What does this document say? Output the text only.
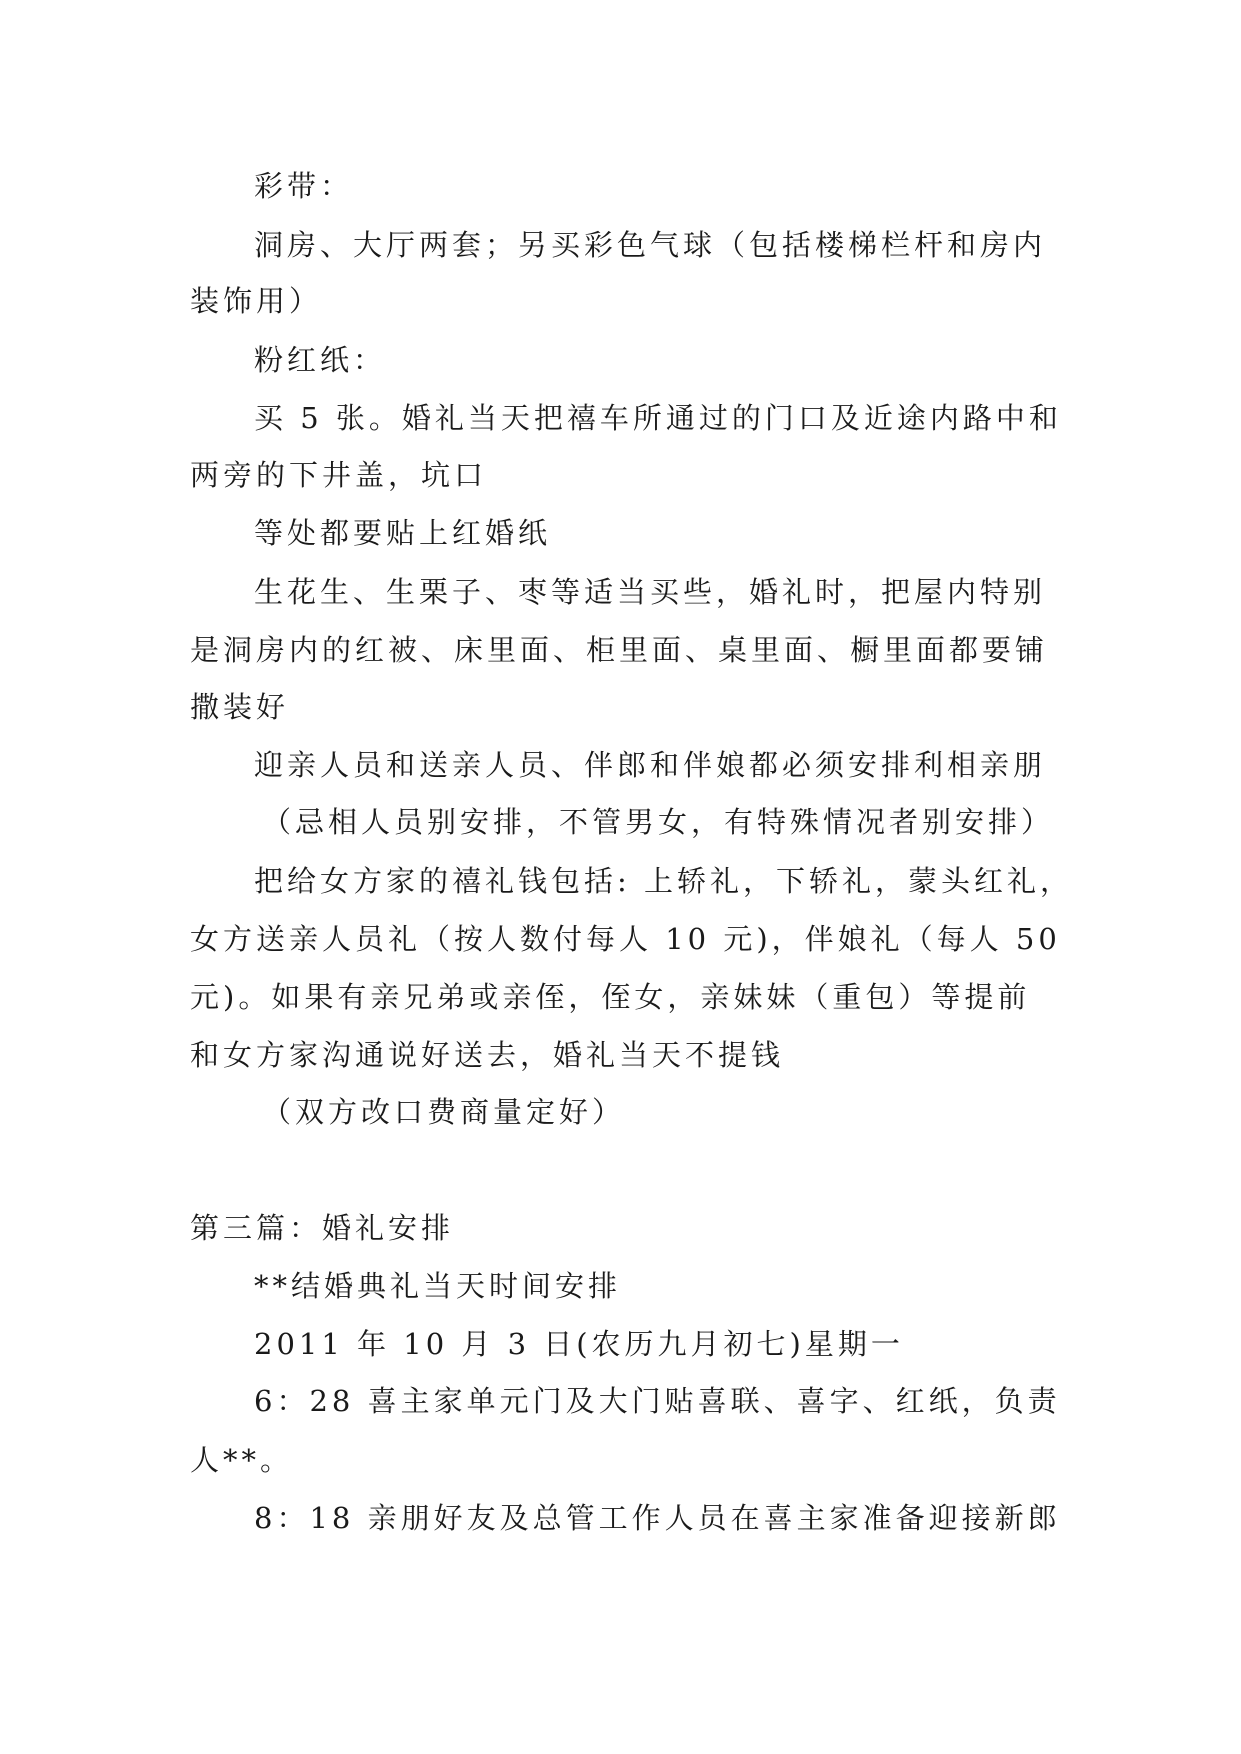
彩带：
洞房、大厅两套；另买彩色气球（包括楼梯栏杆和房内
装饰用）
粉红纸：
买 5 张。婚礼当天把禧车所通过的门口及近途内路中和
两旁的下井盖，坑口
等处都要贴上红婚纸
生花生、生栗子、枣等适当买些，婚礼时，把屋内特别
是洞房内的红被、床里面、柜里面、桌里面、橱里面都要铺
撒装好
迎亲人员和送亲人员、伴郎和伴娘都必须安排利相亲朋
（忌相人员别安排，不管男女，有特殊情况者别安排）
把给女方家的禧礼钱包括: 上轿礼，下轿礼，蒙头红礼，
女方送亲人员礼（按人数付每人 10 元)，伴娘礼（每人 50
元)。如果有亲兄弟或亲侄，侄女，亲妹妹（重包）等提前
和女方家沟通说好送去，婚礼当天不提钱
（双方改口费商量定好）
第三篇：婚礼安排
**结婚典礼当天时间安排
2011 年 10 月 3 日(农历九月初七)星期一
6：28 喜主家单元门及大门贴喜联、喜字、红纸，负责
人**。
8：18 亲朋好友及总管工作人员在喜主家准备迎接新郎
